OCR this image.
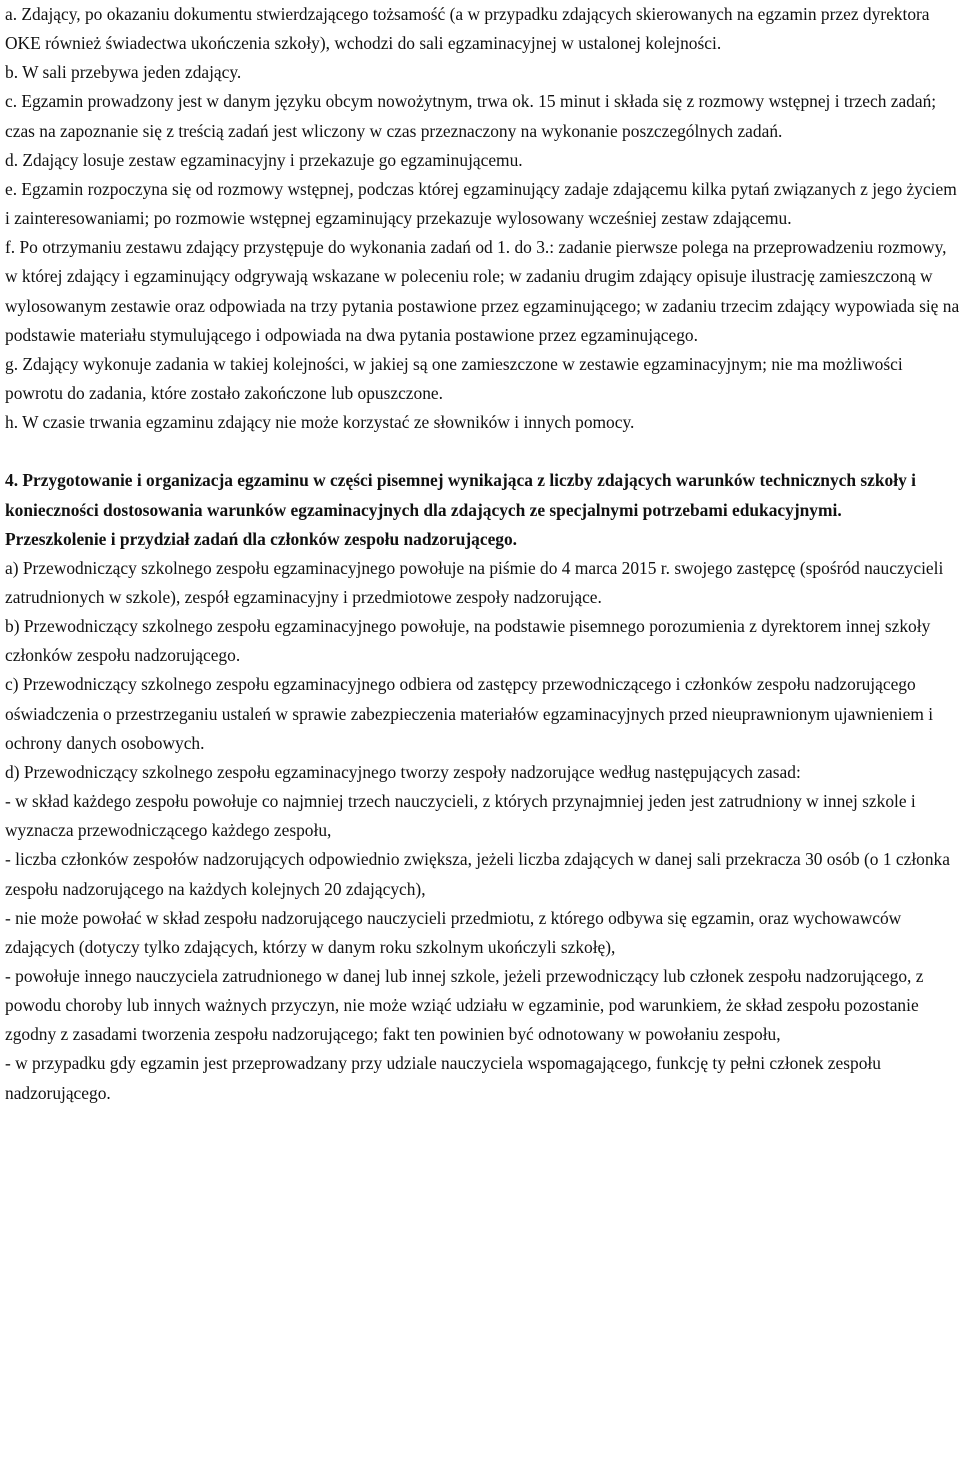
a. Zdający, po okazaniu dokumentu stwierdzającego tożsamość (a w przypadku zdających skierowanych na egzamin przez dyrektora OKE również świadectwa ukończenia szkoły), wchodzi do sali egzaminacyjnej w ustalonej kolejności.

b. W sali przebywa jeden zdający.

c. Egzamin prowadzony jest w danym języku obcym nowożytnym, trwa ok. 15 minut i składa się z rozmowy wstępnej i trzech zadań; czas na zapoznanie się z treścią zadań jest wliczony w czas przeznaczony na wykonanie poszczególnych zadań.

d. Zdający losuje zestaw egzaminacyjny i przekazuje go egzaminującemu.

e. Egzamin rozpoczyna się od rozmowy wstępnej, podczas której egzaminujący zadaje zdającemu kilka pytań związanych z jego życiem i zainteresowaniami; po rozmowie wstępnej egzaminujący przekazuje wylosowany wcześniej zestaw zdającemu.

f. Po otrzymaniu zestawu zdający przystępuje do wykonania zadań od 1. do 3.: zadanie pierwsze polega na przeprowadzeniu rozmowy, w której zdający i egzaminujący odgrywają wskazane w poleceniu role; w zadaniu drugim zdający opisuje ilustrację zamieszczoną w wylosowanym zestawie oraz odpowiada na trzy pytania postawione przez egzaminującego; w zadaniu trzecim zdający wypowiada się na podstawie materiału stymulującego i odpowiada na dwa pytania postawione przez egzaminującego.

g. Zdający wykonuje zadania w takiej kolejności, w jakiej są one zamieszczone w zestawie egzaminacyjnym; nie ma możliwości powrotu do zadania, które zostało zakończone lub opuszczone.

h. W czasie trwania egzaminu zdający nie może korzystać ze słowników i innych pomocy.

4. Przygotowanie i organizacja egzaminu w części pisemnej wynikająca z liczby zdających warunków technicznych szkoły i konieczności dostosowania warunków egzaminacyjnych dla zdających ze specjalnymi potrzebami edukacyjnymi.

Przeszkolenie i przydział zadań dla członków zespołu nadzorującego.

a) Przewodniczący szkolnego zespołu egzaminacyjnego powołuje na piśmie do 4 marca 2015 r. swojego zastępcę (spośród nauczycieli zatrudnionych w szkole), zespół egzaminacyjny i przedmiotowe zespoły nadzorujące.

b) Przewodniczący szkolnego zespołu egzaminacyjnego powołuje, na podstawie pisemnego porozumienia z dyrektorem innej szkoły członków zespołu nadzorującego.

c) Przewodniczący szkolnego zespołu egzaminacyjnego odbiera od zastępcy przewodniczącego i członków zespołu nadzorującego oświadczenia o przestrzeganiu ustaleń w sprawie zabezpieczenia materiałów egzaminacyjnych przed nieuprawnionym ujawnieniem i ochrony danych osobowych.

d) Przewodniczący szkolnego zespołu egzaminacyjnego tworzy zespoły nadzorujące według następujących zasad:

- w skład każdego zespołu powołuje co najmniej trzech nauczycieli, z których przynajmniej jeden jest zatrudniony w innej szkole i wyznacza przewodniczącego każdego zespołu,

- liczba członków zespołów nadzorujących odpowiednio zwiększa, jeżeli liczba zdających w danej sali przekracza 30 osób (o 1 członka zespołu nadzorującego na każdych kolejnych 20 zdających),

- nie może powołać w skład zespołu nadzorującego nauczycieli przedmiotu, z którego odbywa się egzamin, oraz wychowawców zdających (dotyczy tylko zdających, którzy w danym roku szkolnym ukończyli szkołę),

- powołuje innego nauczyciela zatrudnionego w danej lub innej szkole, jeżeli przewodniczący lub członek zespołu nadzorującego, z powodu choroby lub innych ważnych przyczyn, nie może wziąć udziału w egzaminie, pod warunkiem, że skład zespołu pozostanie zgodny z zasadami tworzenia zespołu nadzorującego; fakt ten powinien być odnotowany w powołaniu zespołu,

- w przypadku gdy egzamin jest przeprowadzany przy udziale nauczyciela wspomagającego, funkcję ty pełni członek zespołu nadzorującego.
